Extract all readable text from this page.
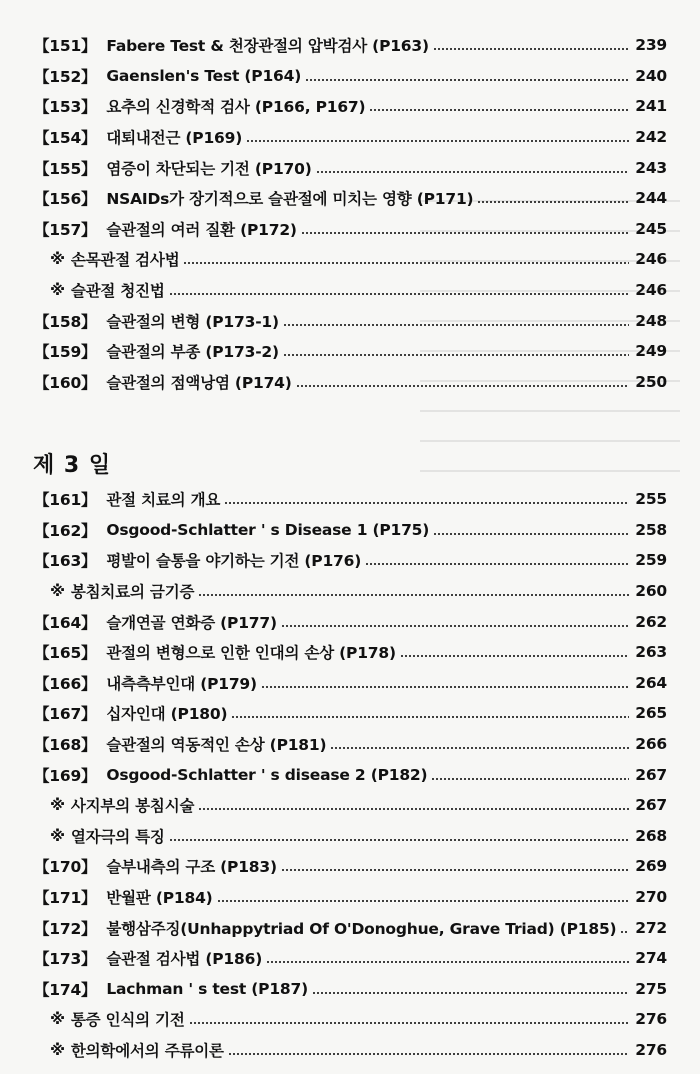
【151】 Fabere Test & 천장관절의 압박검사 (P163)	239
【152】 Gaenslen's Test (P164)	240
【153】 요추의 신경학적 검사 (P166, P167)	241
【154】 대퇴내전근 (P169)	242
【155】 염증이 차단되는 기전 (P170)	243
【156】 NSAIDs가 장기적으로 슬관절에 미치는 영향 (P171)	244
【157】 슬관절의 여러 질환 (P172)	245
※ 손목관절 검사법	246
※ 슬관절 청진법	246
【158】 슬관절의 변형 (P173-1)	248
【159】 슬관절의 부종 (P173-2)	249
【160】 슬관절의 점액낭염 (P174)	250
제 3 일
【161】 관절 치료의 개요	255
【162】 Osgood-Schlatter ' s Disease 1 (P175)	258
【163】 평발이 슬통을 야기하는 기전 (P176)	259
※ 봉침치료의 금기증	260
【164】 슬개연골 연화증 (P177)	262
【165】 관절의 변형으로 인한 인대의 손상 (P178)	263
【166】 내측측부인대 (P179)	264
【167】 십자인대 (P180)	265
【168】 슬관절의 역동적인 손상 (P181)	266
【169】 Osgood-Schlatter ' s disease 2 (P182)	267
※ 사지부의 봉침시술	267
※ 열자극의 특징	268
【170】 슬부내측의 구조 (P183)	269
【171】 반월판 (P184)	270
【172】 불행삼주징(Unhappytriad Of O'Donoghue, Grave Triad) (P185) 272
【173】 슬관절 검사법 (P186)	274
【174】 Lachman ' s test (P187)	275
※ 통증 인식의 기전	276
※ 한의학에서의 주류이론	276
